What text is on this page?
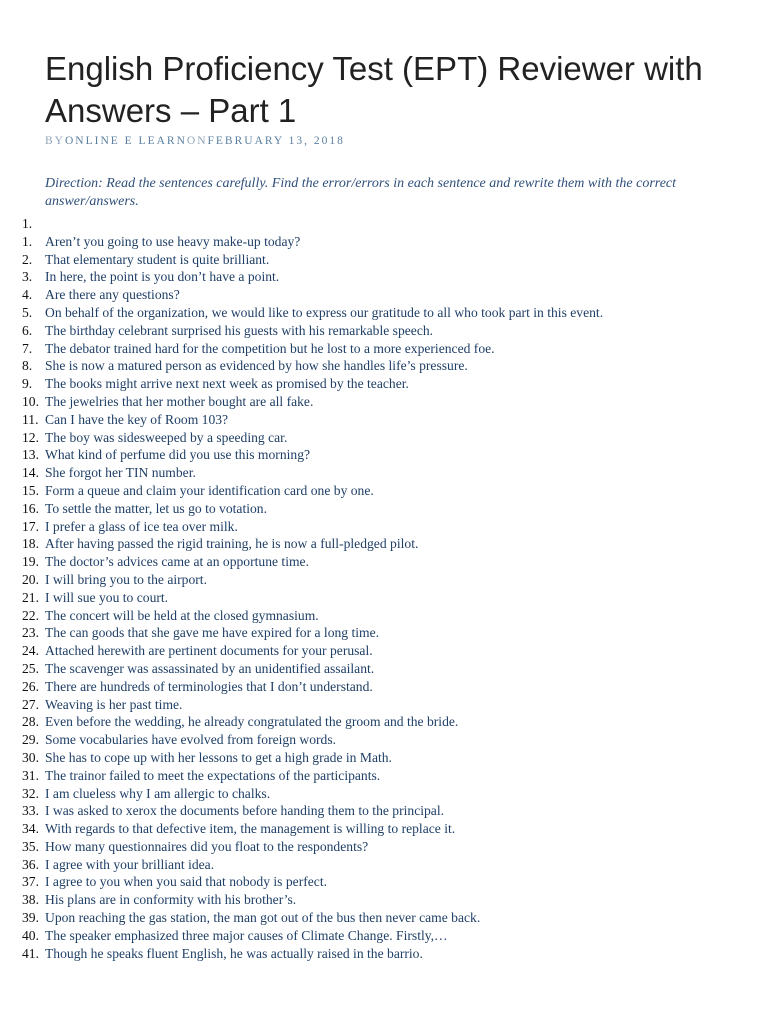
English Proficiency Test (EPT) Reviewer with Answers – Part 1
BYONLINE E LEARNONFEBRUARY 13, 2018

Direction: Read the sentences carefully. Find the error/errors in each sentence and rewrite them with the correct answer/answers.

1.
1. Aren’t you going to use heavy make-up today?
2. That elementary student is quite brilliant.
3. In here, the point is you don’t have a point.
4. Are there any questions?
5. On behalf of the organization, we would like to express our gratitude to all who took part in this event.
6. The birthday celebrant surprised his guests with his remarkable speech.
7. The debator trained hard for the competition but he lost to a more experienced foe.
8. She is now a matured person as evidenced by how she handles life’s pressure.
9. The books might arrive next next week as promised by the teacher.
10. The jewelries that her mother bought are all fake.
11. Can I have the key of Room 103?
12. The boy was sidesweeped by a speeding car.
13. What kind of perfume did you use this morning?
14. She forgot her TIN number.
15. Form a queue and claim your identification card one by one.
16. To settle the matter, let us go to votation.
17. I prefer a glass of ice tea over milk.
18. After having passed the rigid training, he is now a full-pledged pilot.
19. The doctor’s advices came at an opportune time.
20. I will bring you to the airport.
21. I will sue you to court.
22. The concert will be held at the closed gymnasium.
23. The can goods that she gave me have expired for a long time.
24. Attached herewith are pertinent documents for your perusal.
25. The scavenger was assassinated by an unidentified assailant.
26. There are hundreds of terminologies that I don’t understand.
27. Weaving is her past time.
28. Even before the wedding, he already congratulated the groom and the bride.
29. Some vocabularies have evolved from foreign words.
30. She has to cope up with her lessons to get a high grade in Math.
31. The trainor failed to meet the expectations of the participants.
32. I am clueless why I am allergic to chalks.
33. I was asked to xerox the documents before handing them to the principal.
34. With regards to that defective item, the management is willing to replace it.
35. How many questionnaires did you float to the respondents?
36. I agree with your brilliant idea.
37. I agree to you when you said that nobody is perfect.
38. His plans are in conformity with his brother’s.
39. Upon reaching the gas station, the man got out of the bus then never came back.
40. The speaker emphasized three major causes of Climate Change. Firstly,…
41. Though he speaks fluent English, he was actually raised in the barrio.
